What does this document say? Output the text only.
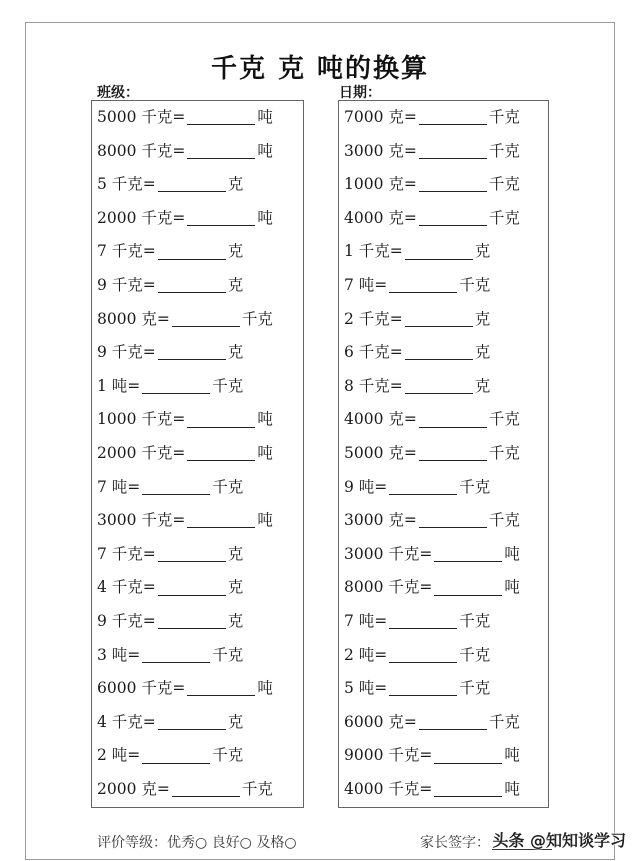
千克 克 吨的换算
班级：	日期：
5000 千克=	吨
8000 千克=	吨
5 千克=	克
2000 千克=	吨
7 千克=	克
9 千克=	克
8000 克=	千克
9 千克=	克
1 吨=	千克
1000 千克=	吨
2000 千克=	吨
7 吨=	千克
3000 千克=	吨
7 千克=	克
4 千克=	克
9 千克=	克
3 吨=	千克
6000 千克=	吨
4 千克=	克
2 吨=	千克
2000 克=	千克
7000 克=	千克
3000 克=	千克
1000 克=	千克
4000 克=	千克
1 千克=	克
7 吨=	千克
2 千克=	克
6 千克=	克
8 千克=	克
4000 克=	千克
5000 克=	千克
9 吨=	千克
3000 克=	千克
3000 千克=	吨
8000 千克=	吨
7 吨=	千克
2 吨=	千克
5 吨=	千克
6000 克=	千克
9000 千克=	吨
4000 千克=	吨
评价等级：优秀○ 良好○ 及格○	家长签字： 头条 @知知谈学习
